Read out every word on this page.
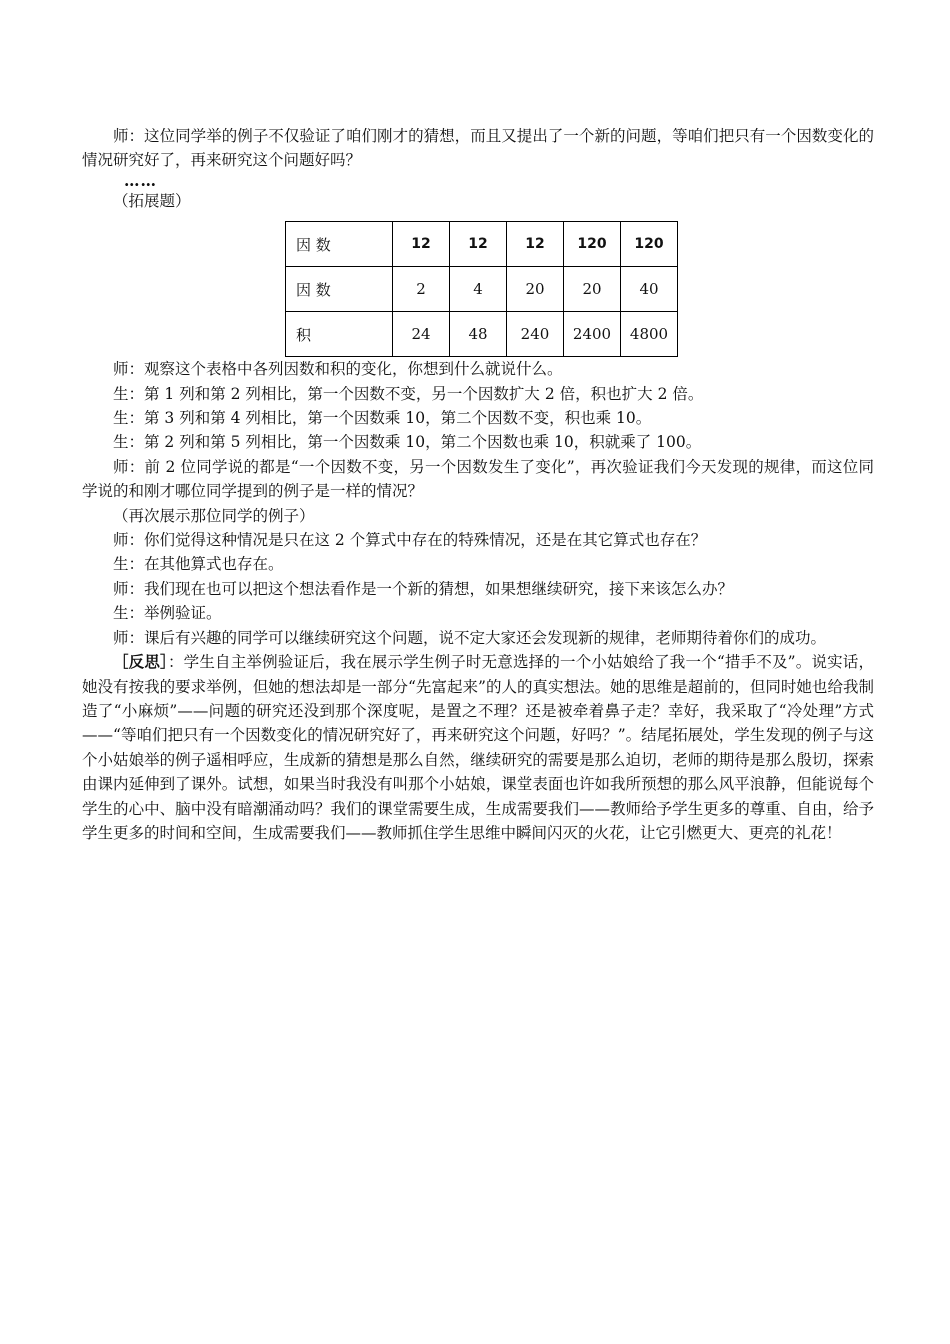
师：这位同学举的例子不仅验证了咱们刚才的猜想，而且又提出了一个新的问题，等咱们把只有一个因数变化的情况研究好了，再来研究这个问题好吗？

……

（拓展题）

因 数	12	12	12	120	120
因 数	2	4	20	20	40
积	24	48	240	2400	4800

师：观察这个表格中各列因数和积的变化，你想到什么就说什么。

生：第 1 列和第 2 列相比，第一个因数不变，另一个因数扩大 2 倍，积也扩大 2 倍。

生：第 3 列和第 4 列相比，第一个因数乘 10，第二个因数不变，积也乘 10。

生：第 2 列和第 5 列相比，第一个因数乘 10，第二个因数也乘 10，积就乘了 100。

师：前 2 位同学说的都是“一个因数不变，另一个因数发生了变化”，再次验证我们今天发现的规律，而这位同学说的和刚才哪位同学提到的例子是一样的情况？

（再次展示那位同学的例子）

师：你们觉得这种情况是只在这 2 个算式中存在的特殊情况，还是在其它算式也存在？

生：在其他算式也存在。

师：我们现在也可以把这个想法看作是一个新的猜想，如果想继续研究，接下来该怎么办？

生：举例验证。

师：课后有兴趣的同学可以继续研究这个问题，说不定大家还会发现新的规律，老师期待着你们的成功。

［反思］：学生自主举例验证后，我在展示学生例子时无意选择的一个小姑娘给了我一个“措手不及”。说实话，她没有按我的要求举例，但她的想法却是一部分“先富起来”的人的真实想法。她的思维是超前的，但同时她也给我制造了“小麻烦”——问题的研究还没到那个深度呢，是置之不理？还是被牵着鼻子走？幸好，我采取了“冷处理”方式——“等咱们把只有一个因数变化的情况研究好了，再来研究这个问题，好吗？”。结尾拓展处，学生发现的例子与这个小姑娘举的例子遥相呼应，生成新的猜想是那么自然，继续研究的需要是那么迫切，老师的期待是那么殷切，探索由课内延伸到了课外。试想，如果当时我没有叫那个小姑娘，课堂表面也许如我所预想的那么风平浪静，但能说每个学生的心中、脑中没有暗潮涌动吗？我们的课堂需要生成，生成需要我们——教师给予学生更多的尊重、自由，给予学生更多的时间和空间，生成需要我们——教师抓住学生思维中瞬间闪灭的火花，让它引燃更大、更亮的礼花！
